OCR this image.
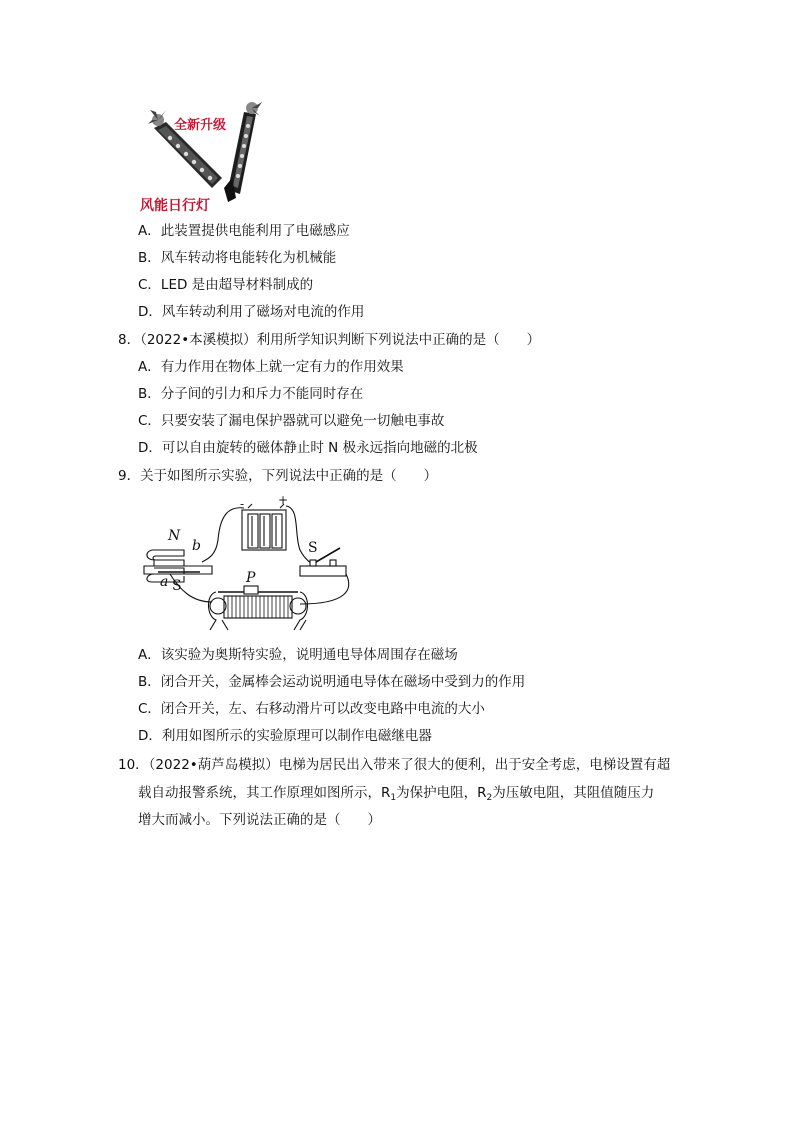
全新升级
风能日行灯
A．此装置提供电能利用了电磁感应
B．风车转动将电能转化为机械能
C．LED 是由超导材料制成的
D．风车转动利用了磁场对电流的作用
8．（2022•本溪模拟）利用所学知识判断下列说法中正确的是（　　）
A．有力作用在物体上就一定有力的作用效果
B．分子间的引力和斥力不能同时存在
C．只要安装了漏电保护器就可以避免一切触电事故
D．可以自由旋转的磁体静止时 N 极永远指向地磁的北极
9．关于如图所示实验，下列说法中正确的是（　　）
N
b
a S
S
P
-	+
A．该实验为奥斯特实验，说明通电导体周围存在磁场
B．闭合开关，金属棒会运动说明通电导体在磁场中受到力的作用
C．闭合开关，左、右移动滑片可以改变电路中电流的大小
D．利用如图所示的实验原理可以制作电磁继电器
10．（2022•葫芦岛模拟）电梯为居民出入带来了很大的便利，出于安全考虑，电梯设置有超
载自动报警系统，其工作原理如图所示，$R_1$为保护电阻，$R_2$为压敏电阻，其阻值随压力
增大而减小。下列说法正确的是（　　）
